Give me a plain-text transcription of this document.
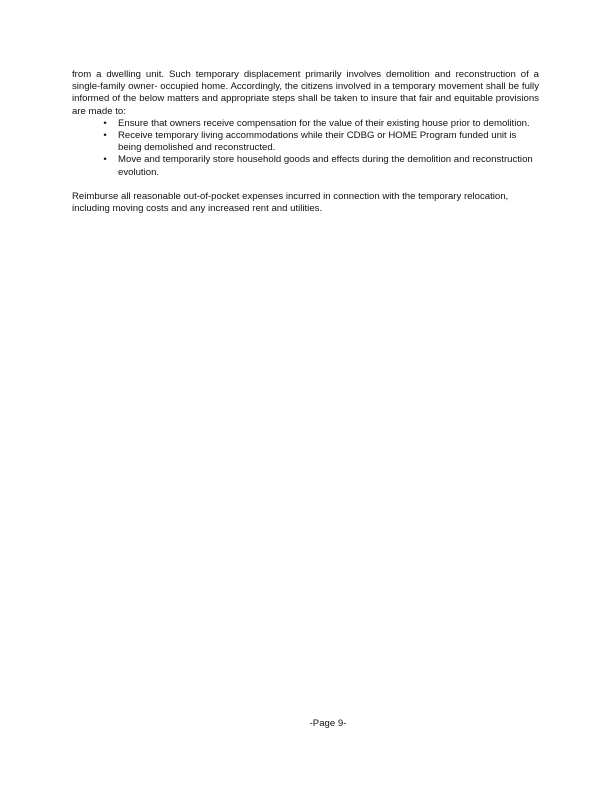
from a dwelling unit. Such temporary displacement primarily involves demolition and reconstruction of a single-family owner- occupied home. Accordingly, the citizens involved in a temporary movement shall be fully informed of the below matters and appropriate steps shall be taken to insure that fair and equitable provisions are made to:

•	Ensure that owners receive compensation for the value of their existing house prior to demolition.
•	Receive temporary living accommodations while their CDBG or HOME Program funded unit is being demolished and reconstructed.
•	Move and temporarily store household goods and effects during the demolition and reconstruction evolution.

Reimburse all reasonable out-of-pocket expenses incurred in connection with the temporary relocation, including moving costs and any increased rent and utilities.

-Page 9-
